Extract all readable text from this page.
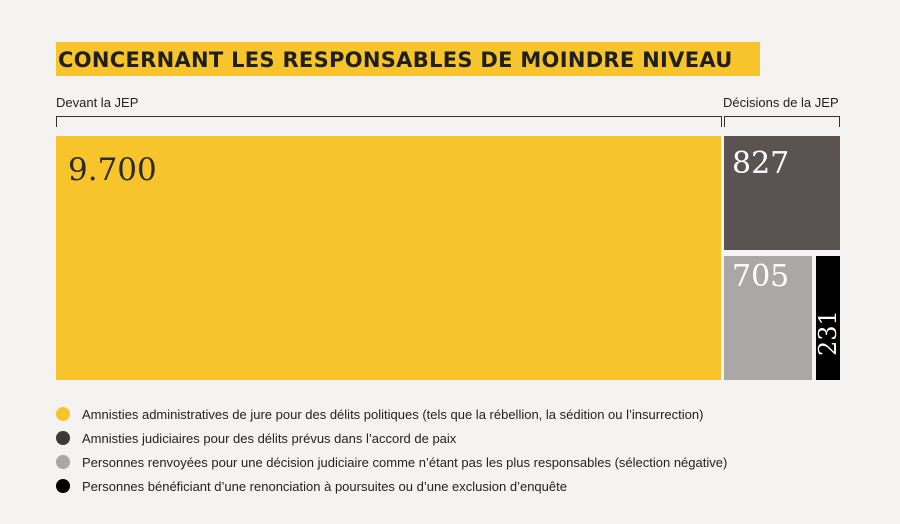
CONCERNANT LES RESPONSABLES DE MOINDRE NIVEAU
Devant la JEP	Décisions de la JEP
9.700	827
705
231
Amnisties administratives de jure pour des délits politiques (tels que la rébellion, la sédition ou l’insurrection)
Amnisties judiciaires pour des délits prévus dans l’accord de paix
Personnes renvoyées pour une décision judiciaire comme n’étant pas les plus responsables (sélection négative)
Personnes bénéficiant d’une renonciation à poursuites ou d’une exclusion d’enquête
